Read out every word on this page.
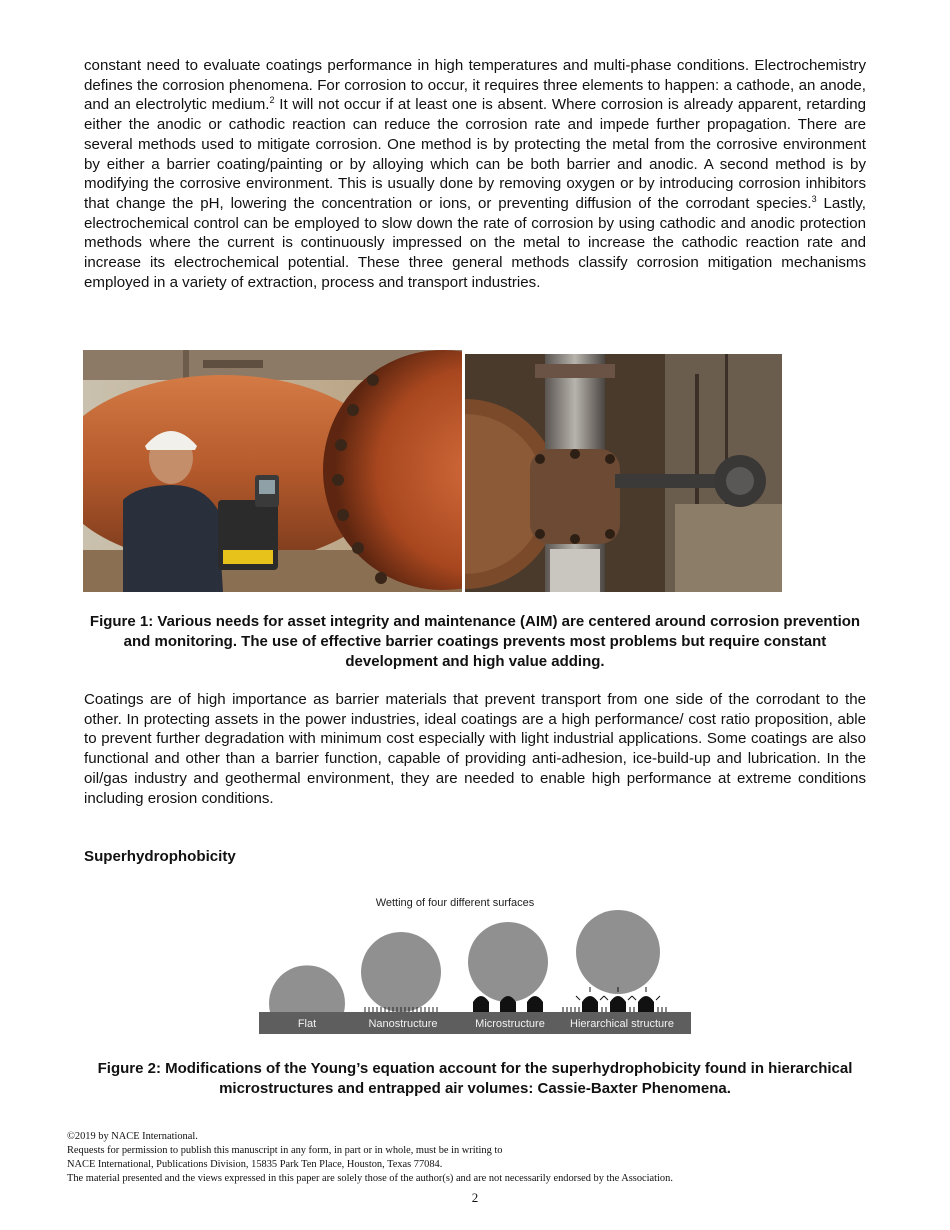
constant need to evaluate coatings performance in high temperatures and multi-phase conditions. Electrochemistry defines the corrosion phenomena. For corrosion to occur, it requires three elements to happen: a cathode, an anode, and an electrolytic medium.$^2$ It will not occur if at least one is absent. Where corrosion is already apparent, retarding either the anodic or cathodic reaction can reduce the corrosion rate and impede further propagation. There are several methods used to mitigate corrosion. One method is by protecting the metal from the corrosive environment by either a barrier coating/painting or by alloying which can be both barrier and anodic. A second method is by modifying the corrosive environment. This is usually done by removing oxygen or by introducing corrosion inhibitors that change the pH, lowering the concentration or ions, or preventing diffusion of the corrodant species.$^3$ Lastly, electrochemical control can be employed to slow down the rate of corrosion by using cathodic and anodic protection methods where the current is continuously impressed on the metal to increase the cathodic reaction rate and increase its electrochemical potential. These three general methods classify corrosion mitigation mechanisms employed in a variety of extraction, process and transport industries.

Figure 1: Various needs for asset integrity and maintenance (AIM) are centered around corrosion prevention and monitoring. The use of effective barrier coatings prevents most problems but require constant development and high value adding.

Coatings are of high importance as barrier materials that prevent transport from one side of the corrodant to the other. In protecting assets in the power industries, ideal coatings are a high performance/ cost ratio proposition, able to prevent further degradation with minimum cost especially with light industrial applications. Some coatings are also functional and other than a barrier function, capable of providing anti-adhesion, ice-build-up and lubrication. In the oil/gas industry and geothermal environment, they are needed to enable high performance at extreme conditions including erosion conditions.

Superhydrophobicity

Wetting of four different surfaces
Flat	Nanostructure	Microstructure Hierarchical structure

Figure 2: Modifications of the Young’s equation account for the superhydrophobicity found in hierarchical microstructures and entrapped air volumes: Cassie-Baxter Phenomena.

©2019 by NACE International.
Requests for permission to publish this manuscript in any form, in part or in whole, must be in writing to
NACE International, Publications Division, 15835 Park Ten Place, Houston, Texas 77084.
The material presented and the views expressed in this paper are solely those of the author(s) and are not necessarily endorsed by the Association.
2
